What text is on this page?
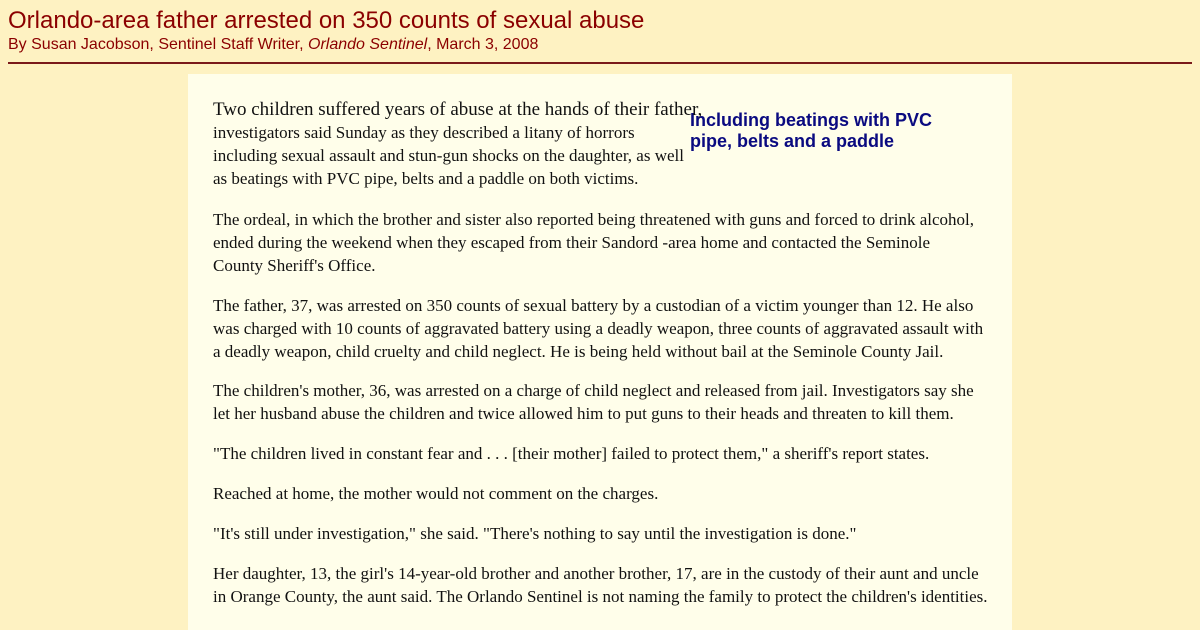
Orlando-area father arrested on 350 counts of sexual abuse
By Susan Jacobson, Sentinel Staff Writer, Orlando Sentinel, March 3, 2008
Including beatings with PVC pipe, belts and a paddle
Two children suffered years of abuse at the hands of their father,
investigators said Sunday as they described a litany of horrors
including sexual assault and stun-gun shocks on the daughter, as well
as beatings with PVC pipe, belts and a paddle on both victims.

The ordeal, in which the brother and sister also reported being threatened with guns and forced to drink alcohol, ended during the weekend when they escaped from their Sandord -area home and contacted the Seminole County Sheriff's Office.

The father, 37, was arrested on 350 counts of sexual battery by a custodian of a victim younger than 12. He also was charged with 10 counts of aggravated battery using a deadly weapon, three counts of aggravated assault with a deadly weapon, child cruelty and child neglect. He is being held without bail at the Seminole County Jail.

The children's mother, 36, was arrested on a charge of child neglect and released from jail. Investigators say she let her husband abuse the children and twice allowed him to put guns to their heads and threaten to kill them.

"The children lived in constant fear and . . . [their mother] failed to protect them," a sheriff's report states.

Reached at home, the mother would not comment on the charges.

"It's still under investigation," she said. "There's nothing to say until the investigation is done."

Her daughter, 13, the girl's 14-year-old brother and another brother, 17, are in the custody of their aunt and uncle in Orange County, the aunt said. The Orlando Sentinel is not naming the family to protect the children's identities.
